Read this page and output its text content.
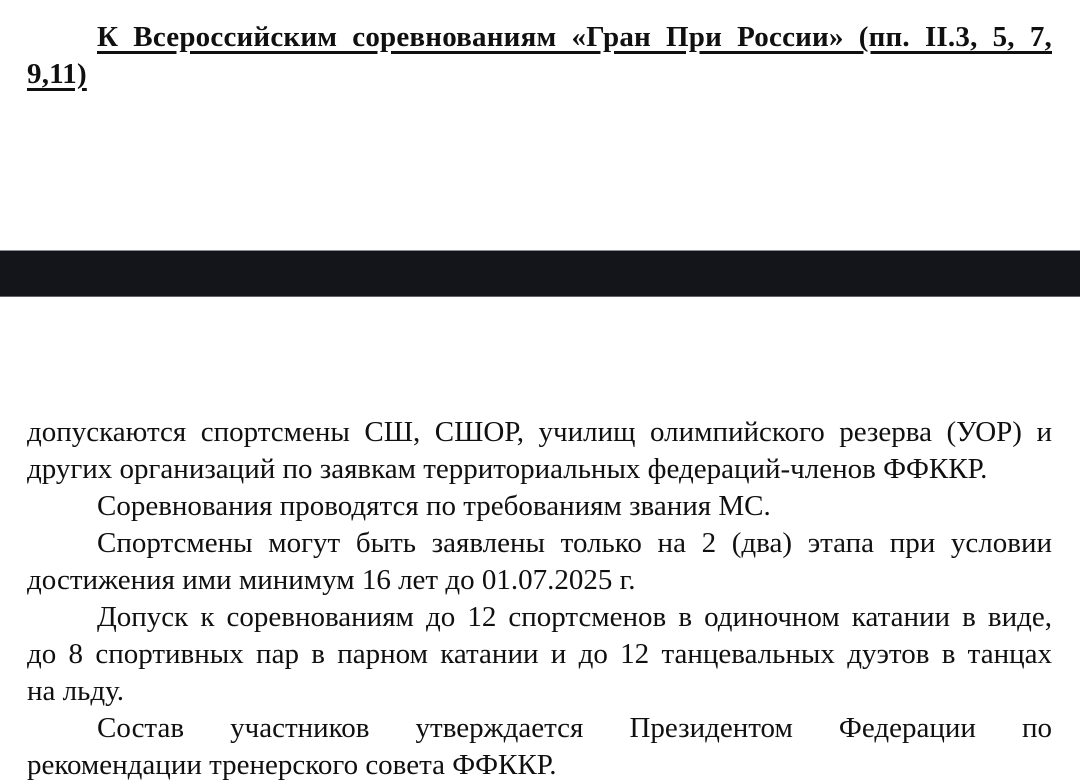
К Всероссийским соревнованиям «Гран При России» (пп. II.3, 5, 7,
9,11)
допускаются спортсмены СШ, СШОР, училищ олимпийского резерва (УОР) и
других организаций по заявкам территориальных федераций-членов ФФККР.
Соревнования проводятся по требованиям звания МС.
Спортсмены могут быть заявлены только на 2 (два) этапа при условии
достижения ими минимум 16 лет до 01.07.2025 г.
Допуск к соревнованиям до 12 спортсменов в одиночном катании в виде,
до 8 спортивных пар в парном катании и до 12 танцевальных дуэтов в танцах
на льду.
Состав участников утверждается Президентом Федерации по
рекомендации тренерского совета ФФККР.
